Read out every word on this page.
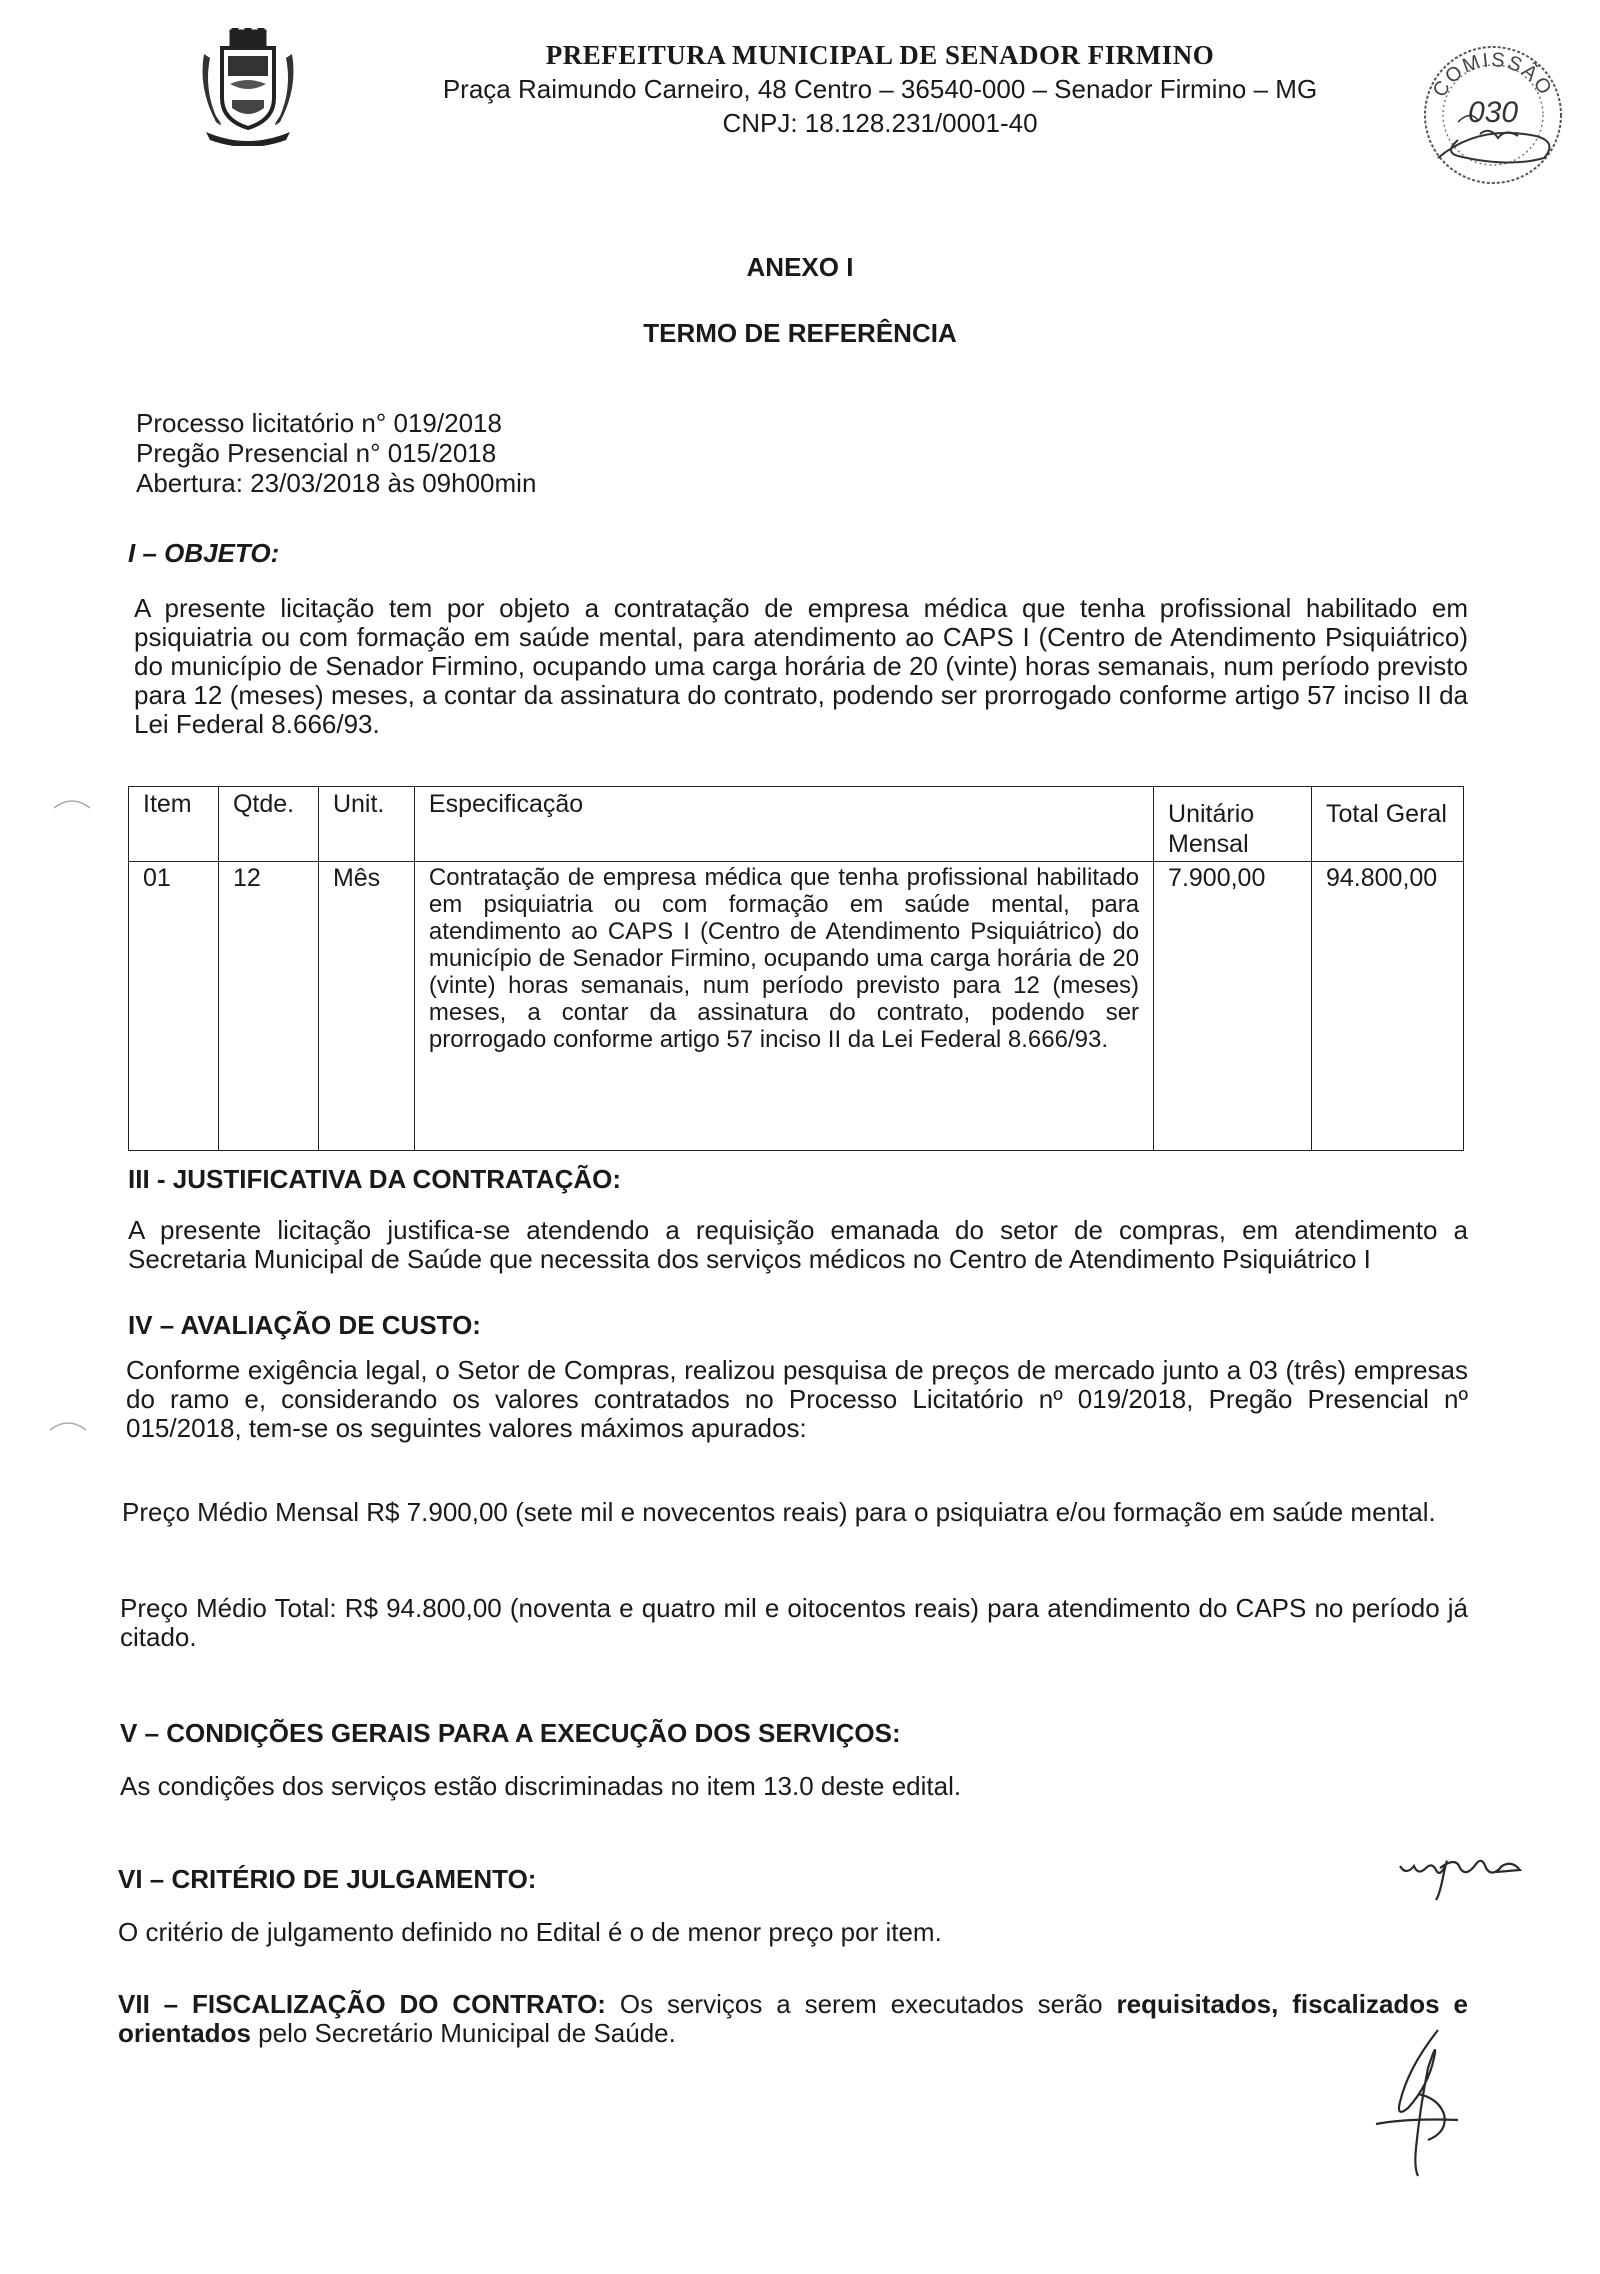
PREFEITURA MUNICIPAL DE SENADOR FIRMINO
Praça Raimundo Carneiro, 48 Centro – 36540-000 – Senador Firmino – MG
CNPJ: 18.128.231/0001-40
COMISSÃO
030
ANEXO I
TERMO DE REFERÊNCIA
Processo licitatório n° 019/2018
Pregão Presencial n° 015/2018
Abertura: 23/03/2018 às 09h00min
I – OBJETO:
A presente licitação tem por objeto a contratação de empresa médica que tenha profissional habilitado em psiquiatria ou com formação em saúde mental, para atendimento ao CAPS I (Centro de Atendimento Psiquiátrico) do município de Senador Firmino, ocupando uma carga horária de 20 (vinte) horas semanais, num período previsto para 12 (meses) meses, a contar da assinatura do contrato, podendo ser prorrogado conforme artigo 57 inciso II da Lei Federal 8.666/93.
Item	Qtde.	Unit.	Especificação	Unitário Mensal	Total Geral
01	12	Mês	Contratação de empresa médica que tenha profissional habilitado em psiquiatria ou com formação em saúde mental, para atendimento ao CAPS I (Centro de Atendimento Psiquiátrico) do município de Senador Firmino, ocupando uma carga horária de 20 (vinte) horas semanais, num período previsto para 12 (meses) meses, a contar da assinatura do contrato, podendo ser prorrogado conforme artigo 57 inciso II da Lei Federal 8.666/93.	7.900,00	94.800,00
III - JUSTIFICATIVA DA CONTRATAÇÃO:
A presente licitação justifica-se atendendo a requisição emanada do setor de compras, em atendimento a Secretaria Municipal de Saúde que necessita dos serviços médicos no Centro de Atendimento Psiquiátrico I
IV – AVALIAÇÃO DE CUSTO:
Conforme exigência legal, o Setor de Compras, realizou pesquisa de preços de mercado junto a 03 (três) empresas do ramo e, considerando os valores contratados no Processo Licitatório nº 019/2018, Pregão Presencial nº 015/2018, tem-se os seguintes valores máximos apurados:
Preço Médio Mensal R$ 7.900,00 (sete mil e novecentos reais) para o psiquiatra e/ou formação em saúde mental.
Preço Médio Total: R$ 94.800,00 (noventa e quatro mil e oitocentos reais) para atendimento do CAPS no período já citado.
V – CONDIÇÕES GERAIS PARA A EXECUÇÃO DOS SERVIÇOS:
As condições dos serviços estão discriminadas no item 13.0 deste edital.
VI – CRITÉRIO DE JULGAMENTO:
O critério de julgamento definido no Edital é o de menor preço por item.
VII – FISCALIZAÇÃO DO CONTRATO: Os serviços a serem executados serão requisitados, fiscalizados e orientados pelo Secretário Municipal de Saúde.
